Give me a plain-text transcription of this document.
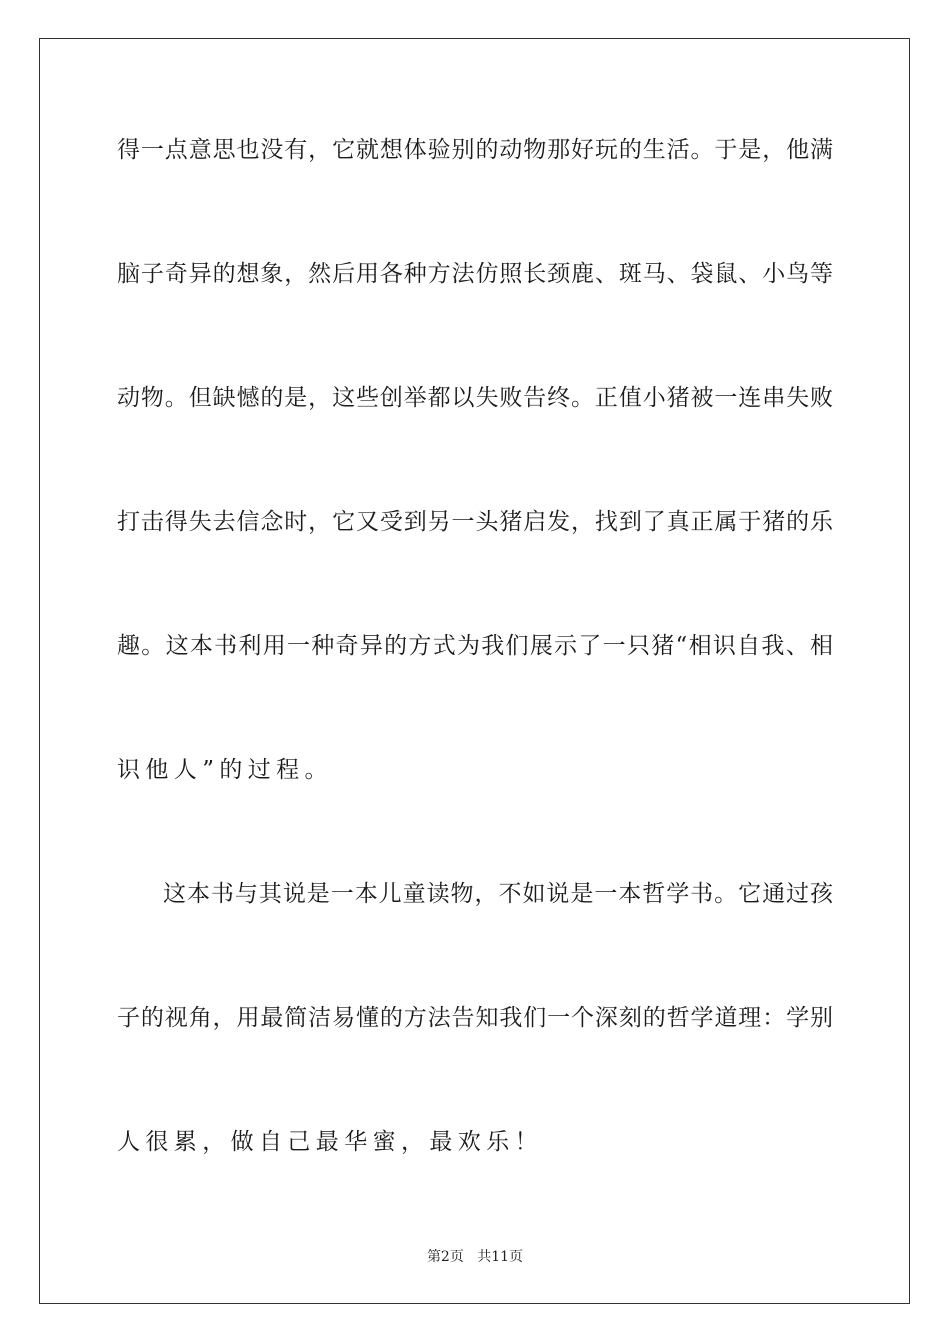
得一点意思也没有，它就想体验别的动物那好玩的生活。于是，他满
脑子奇异的想象，然后用各种方法仿照长颈鹿、斑马、袋鼠、小鸟等
动物。但缺憾的是，这些创举都以失败告终。正值小猪被一连串失败
打击得失去信念时，它又受到另一头猪启发，找到了真正属于猪的乐
趣。这本书利用一种奇异的方式为我们展示了一只猪“相识自我、相
识他人”的过程。
这本书与其说是一本儿童读物，不如说是一本哲学书。它通过孩
子的视角，用最简洁易懂的方法告知我们一个深刻的哲学道理：学别
人很累，做自己最华蜜，最欢乐！
第2页 共11页
